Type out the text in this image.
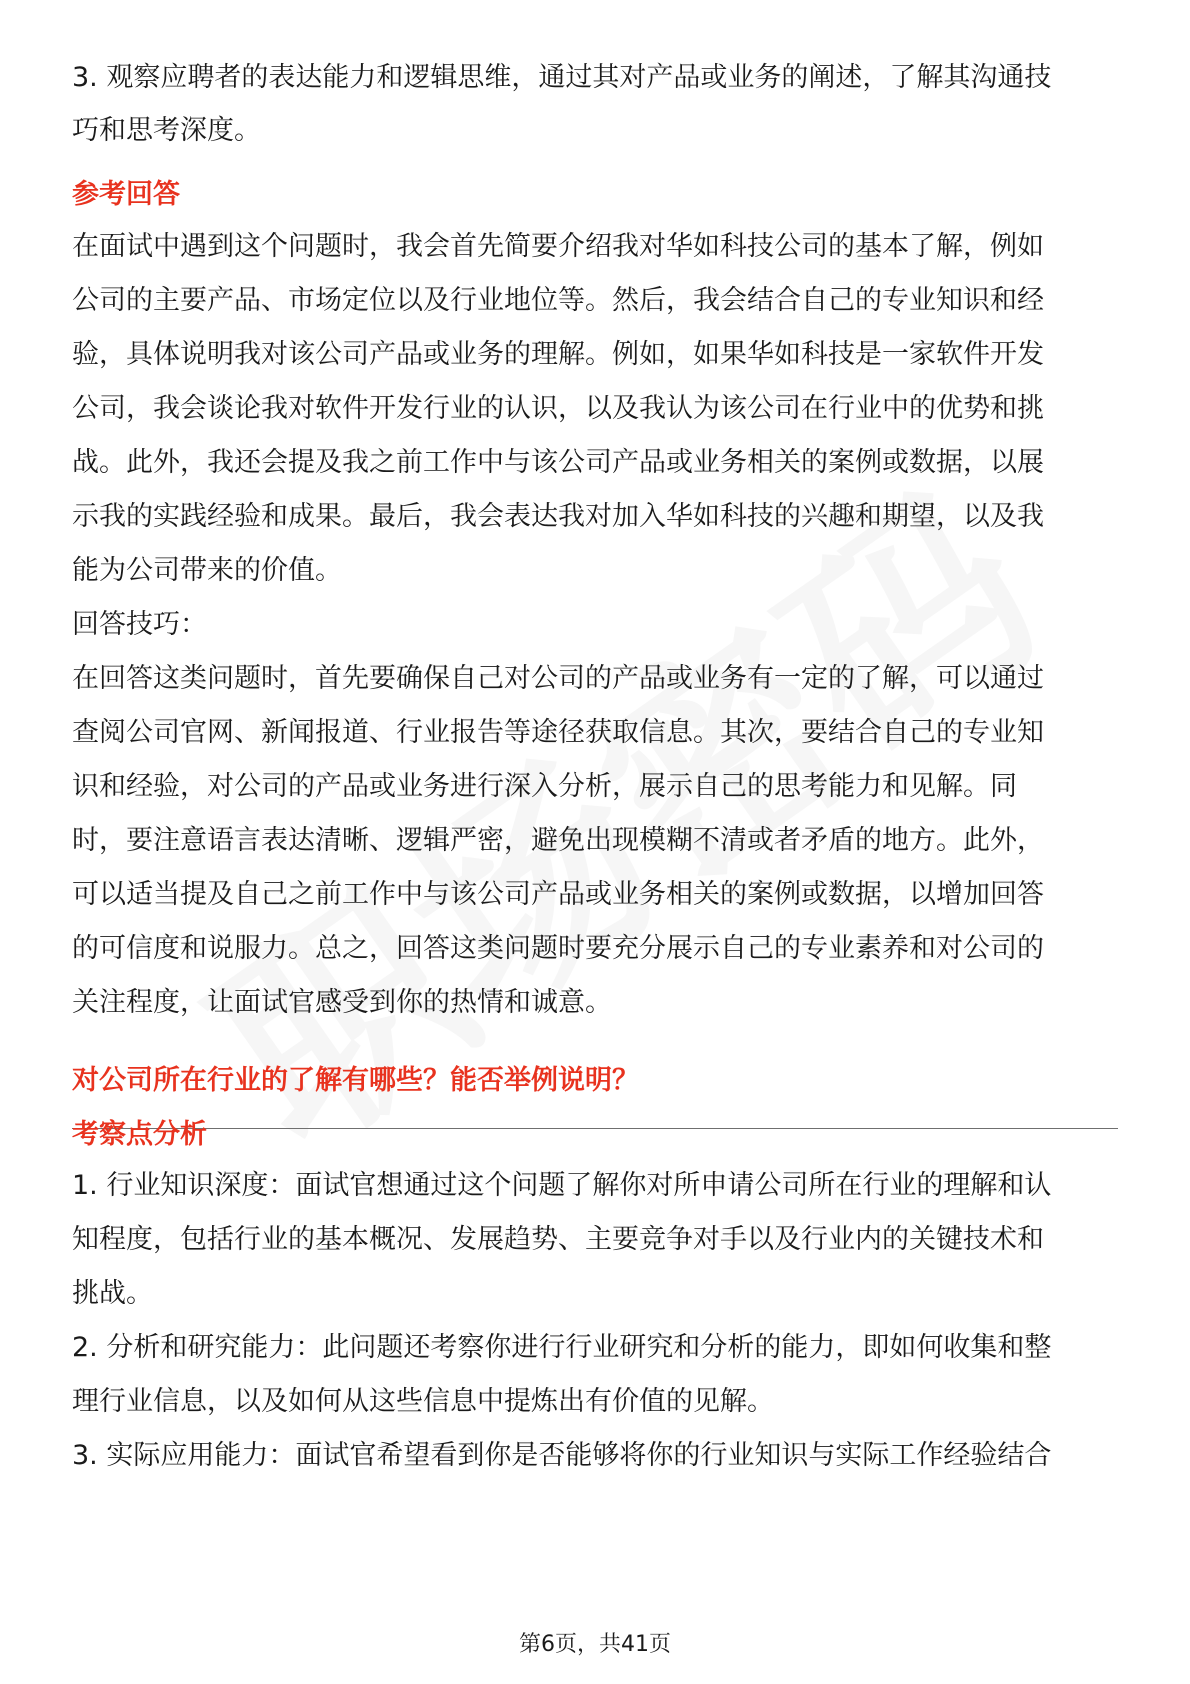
3. 观察应聘者的表达能力和逻辑思维，通过其对产品或业务的阐述，了解其沟通技
巧和思考深度。
参考回答
在面试中遇到这个问题时，我会首先简要介绍我对华如科技公司的基本了解，例如
公司的主要产品、市场定位以及行业地位等。然后，我会结合自己的专业知识和经
验，具体说明我对该公司产品或业务的理解。例如，如果华如科技是一家软件开发
公司，我会谈论我对软件开发行业的认识，以及我认为该公司在行业中的优势和挑
战。此外，我还会提及我之前工作中与该公司产品或业务相关的案例或数据，以展
示我的实践经验和成果。最后，我会表达我对加入华如科技的兴趣和期望，以及我
能为公司带来的价值。
回答技巧：
在回答这类问题时，首先要确保自己对公司的产品或业务有一定的了解，可以通过
查阅公司官网、新闻报道、行业报告等途径获取信息。其次，要结合自己的专业知
识和经验，对公司的产品或业务进行深入分析，展示自己的思考能力和见解。同
时，要注意语言表达清晰、逻辑严密，避免出现模糊不清或者矛盾的地方。此外，
可以适当提及自己之前工作中与该公司产品或业务相关的案例或数据，以增加回答
的可信度和说服力。总之，回答这类问题时要充分展示自己的专业素养和对公司的
关注程度，让面试官感受到你的热情和诚意。
对公司所在行业的了解有哪些？能否举例说明？
考察点分析
1. 行业知识深度：面试官想通过这个问题了解你对所申请公司所在行业的理解和认
知程度，包括行业的基本概况、发展趋势、主要竞争对手以及行业内的关键技术和
挑战。
2. 分析和研究能力：此问题还考察你进行行业研究和分析的能力，即如何收集和整
理行业信息，以及如何从这些信息中提炼出有价值的见解。
3. 实际应用能力：面试官希望看到你是否能够将你的行业知识与实际工作经验结合
第6页，共41页
